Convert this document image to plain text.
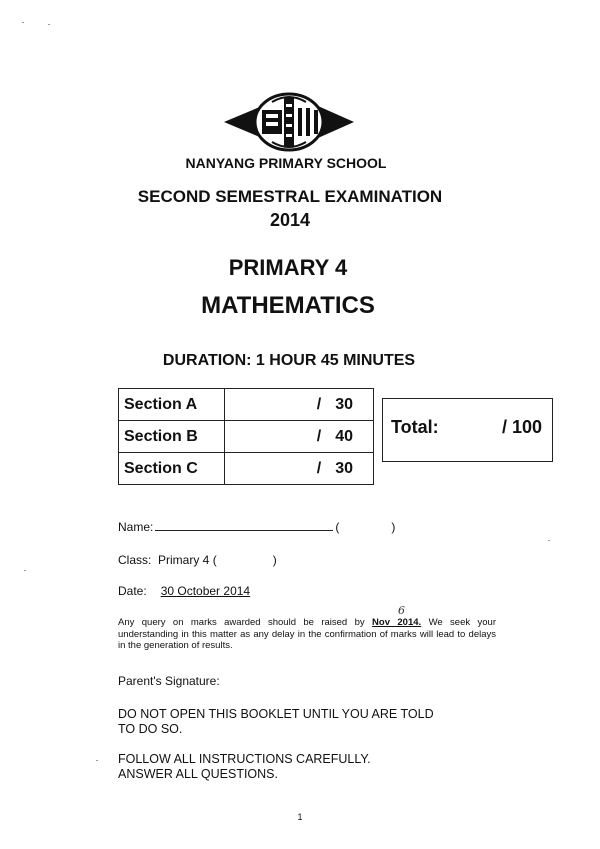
NANYANG PRIMARY SCHOOL
SECOND SEMESTRAL EXAMINATION
2014
PRIMARY 4
MATHEMATICS
DURATION: 1 HOUR 45 MINUTES
Section A	/ 30
Section B	/ 40
Section C	/ 30
Total:	/ 100
Name:	(	)
Class: Primary 4 (	)
Date: 30 October 2014
6
Any query on marks awarded should be raised by Nov 2014. We seek your understanding in this matter as any delay in the confirmation of marks will lead to delays in the generation of results.
Parent's Signature:
DO NOT OPEN THIS BOOKLET UNTIL YOU ARE TOLD
TO DO SO.
FOLLOW ALL INSTRUCTIONS CAREFULLY.
ANSWER ALL QUESTIONS.
1
